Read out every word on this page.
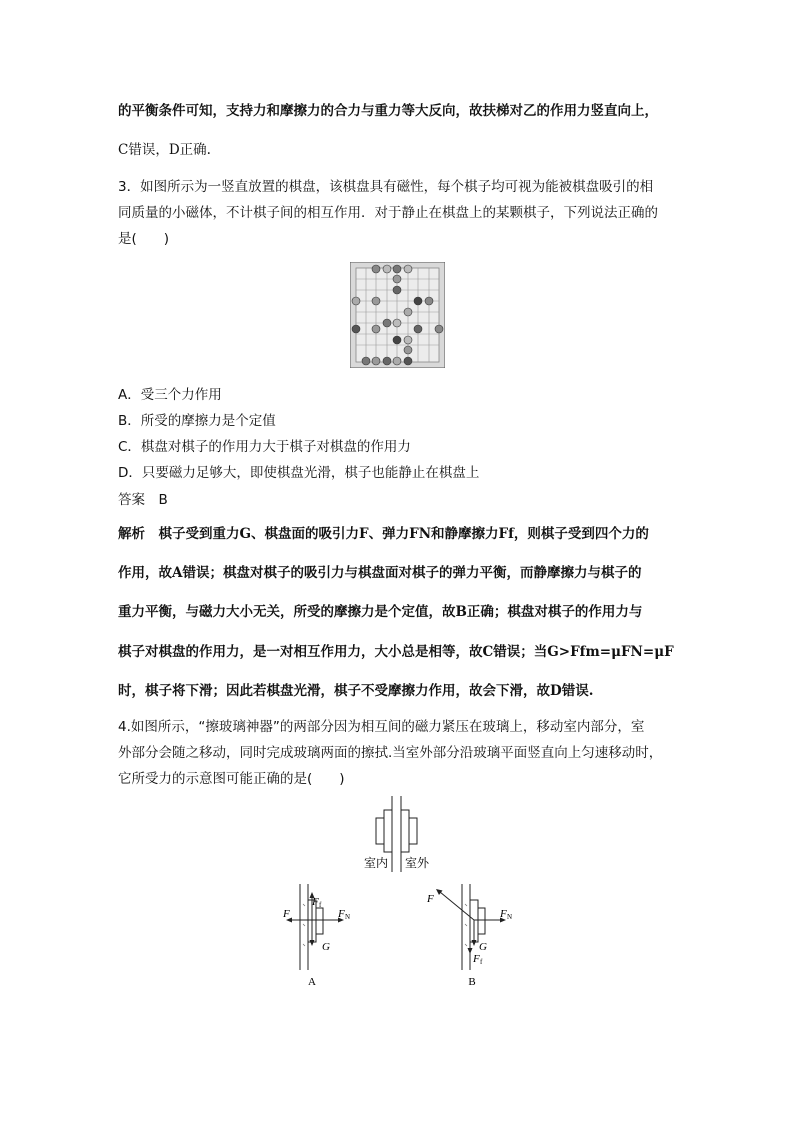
的平衡条件可知，支持力和摩擦力的合力与重力等大反向，故扶梯对乙的作用力竖直向上，
C错误，D正确.
3．如图所示为一竖直放置的棋盘，该棋盘具有磁性，每个棋子均可视为能被棋盘吸引的相
同质量的小磁体，不计棋子间的相互作用．对于静止在棋盘上的某颗棋子，下列说法正确的
是(　　)
A．受三个力作用
B．所受的摩擦力是个定值
C．棋盘对棋子的作用力大于棋子对棋盘的作用力
D．只要磁力足够大，即使棋盘光滑，棋子也能静止在棋盘上
答案　B
解析　棋子受到重力G、棋盘面的吸引力F、弹力FN和静摩擦力Ff，则棋子受到四个力的
作用，故A错误；棋盘对棋子的吸引力与棋盘面对棋子的弹力平衡，而静摩擦力与棋子的
重力平衡，与磁力大小无关，所受的摩擦力是个定值，故B正确；棋盘对棋子的作用力与
棋子对棋盘的作用力，是一对相互作用力，大小总是相等，故C错误；当G>Ffm=μFN=μF
时，棋子将下滑；因此若棋盘光滑，棋子不受摩擦力作用，故会下滑，故D错误.
4.如图所示，“擦玻璃神器”的两部分因为相互间的磁力紧压在玻璃上，移动室内部分，室
外部分会随之移动，同时完成玻璃两面的擦拭.当室外部分沿玻璃平面竖直向上匀速移动时，
它所受力的示意图可能正确的是(　　)
室内 室外
F f
F	F N
G
A
F
F N
G
F f
B
